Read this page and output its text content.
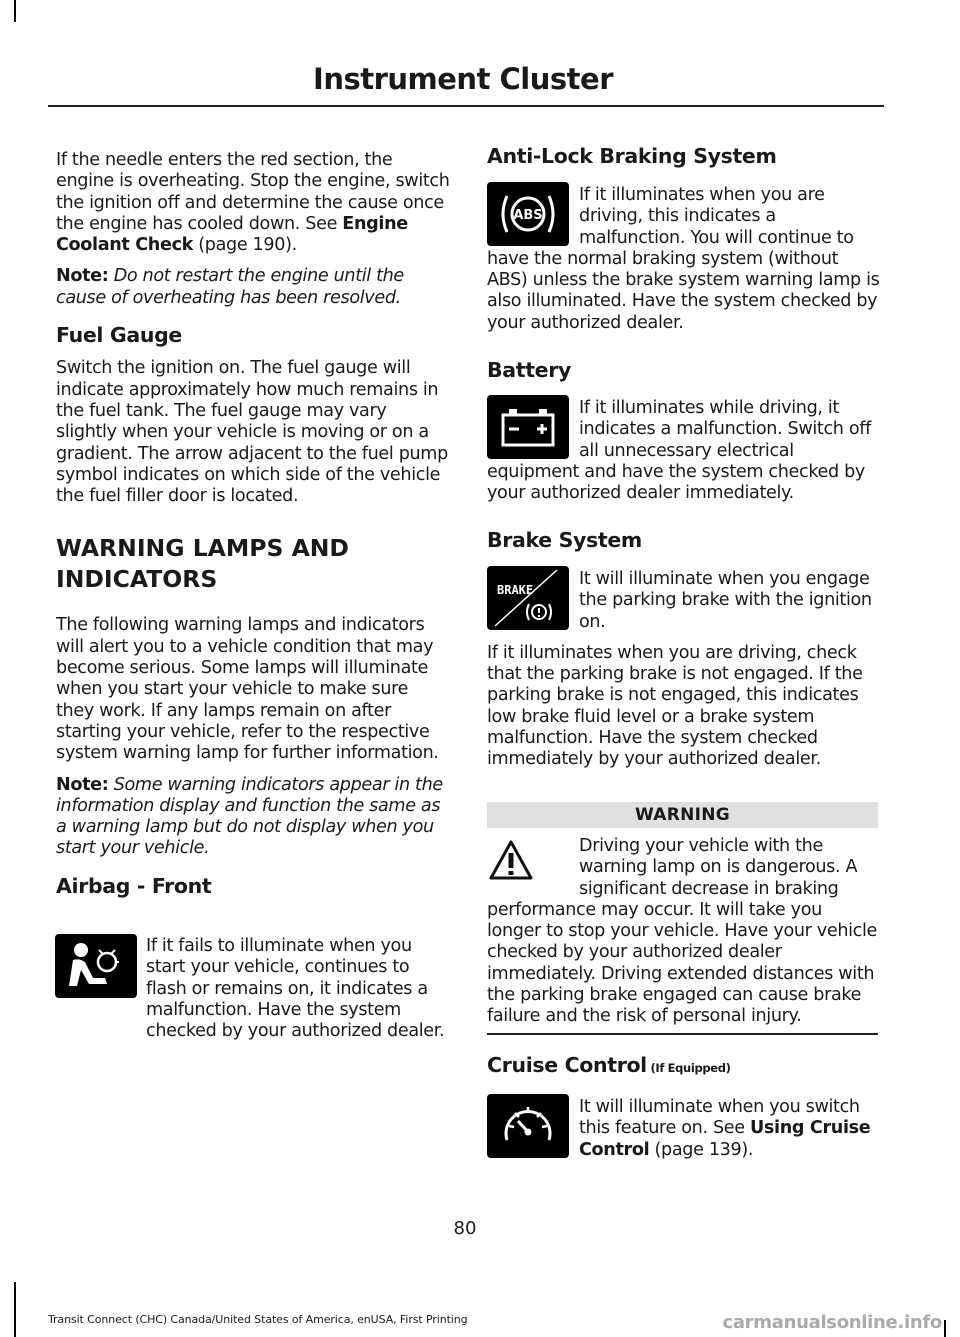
Instrument Cluster

If the needle enters the red section, the engine is overheating. Stop the engine, switch the ignition off and determine the cause once the engine has cooled down. See Engine Coolant Check (page 190).

Note: Do not restart the engine until the cause of overheating has been resolved.

Fuel Gauge

Switch the ignition on. The fuel gauge will indicate approximately how much remains in the fuel tank. The fuel gauge may vary slightly when your vehicle is moving or on a gradient. The arrow adjacent to the fuel pump symbol indicates on which side of the vehicle the fuel filler door is located.

WARNING LAMPS AND

INDICATORS

The following warning lamps and indicators will alert you to a vehicle condition that may become serious. Some lamps will illuminate when you start your vehicle to make sure they work. If any lamps remain on after starting your vehicle, refer to the respective system warning lamp for further information.

Note: Some warning indicators appear in the information display and function the same as a warning lamp but do not display when you start your vehicle.

Airbag - Front

If it fails to illuminate when you start your vehicle, continues to flash or remains on, it indicates a malfunction. Have the system checked by your authorized dealer.

Anti-Lock Braking System

ABS

If it illuminates when you are driving, this indicates a malfunction. You will continue to have the normal braking system (without ABS) unless the brake system warning lamp is also illuminated. Have the system checked by your authorized dealer.

Battery

If it illuminates while driving, it indicates a malfunction. Switch off all unnecessary electrical equipment and have the system checked by your authorized dealer immediately.

Brake System

BRAKE

It will illuminate when you engage the parking brake with the ignition on.

If it illuminates when you are driving, check that the parking brake is not engaged. If the parking brake is not engaged, this indicates low brake fluid level or a brake system malfunction. Have the system checked immediately by your authorized dealer.

WARNING

Driving your vehicle with the warning lamp on is dangerous. A significant decrease in braking performance may occur. It will take you longer to stop your vehicle. Have your vehicle checked by your authorized dealer immediately. Driving extended distances with the parking brake engaged can cause brake failure and the risk of personal injury.

Cruise Control (If Equipped)

It will illuminate when you switch this feature on. See Using Cruise Control (page 139).

80
Transit Connect (CHC) Canada/United States of America, enUSA, First Printing	carmanualsonline.info
